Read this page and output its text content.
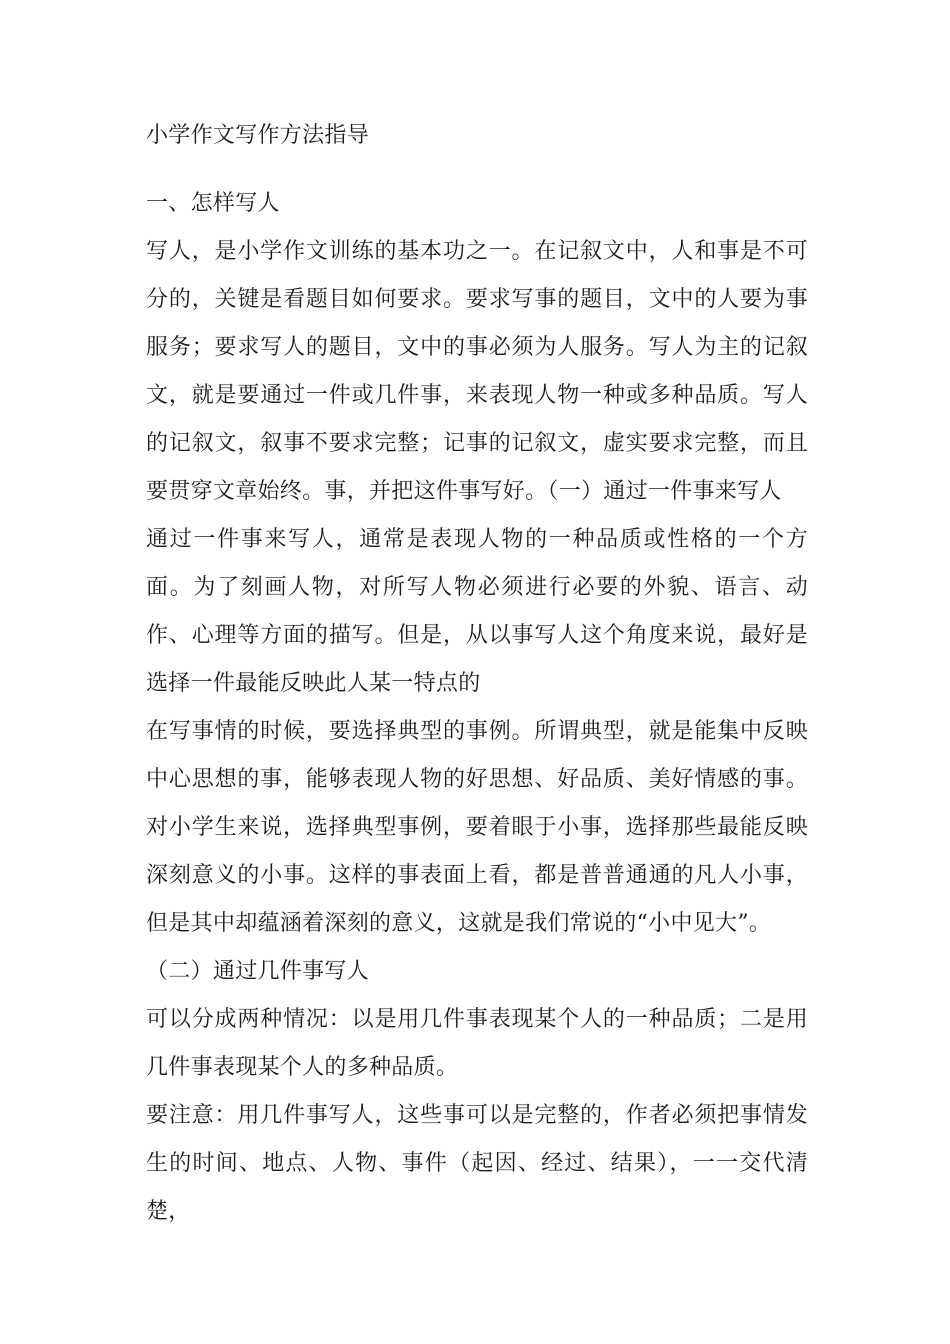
小学作文写作方法指导

一、怎样写人

写人，是小学作文训练的基本功之一。在记叙文中，人和事是不可分的，关键是看题目如何要求。要求写事的题目，文中的人要为事服务；要求写人的题目，文中的事必须为人服务。写人为主的记叙文，就是要通过一件或几件事，来表现人物一种或多种品质。写人的记叙文，叙事不要求完整；记事的记叙文，虚实要求完整，而且要贯穿文章始终。事，并把这件事写好。（一）通过一件事来写人

通过一件事来写人，通常是表现人物的一种品质或性格的一个方面。为了刻画人物，对所写人物必须进行必要的外貌、语言、动作、心理等方面的描写。但是，从以事写人这个角度来说，最好是选择一件最能反映此人某一特点的

在写事情的时候，要选择典型的事例。所谓典型，就是能集中反映中心思想的事，能够表现人物的好思想、好品质、美好情感的事。对小学生来说，选择典型事例，要着眼于小事，选择那些最能反映深刻意义的小事。这样的事表面上看，都是普普通通的凡人小事，但是其中却蕴涵着深刻的意义，这就是我们常说的“小中见大”。

（二）通过几件事写人

可以分成两种情况：以是用几件事表现某个人的一种品质；二是用几件事表现某个人的多种品质。

要注意：用几件事写人，这些事可以是完整的，作者必须把事情发生的时间、地点、人物、事件（起因、经过、结果），一一交代清楚，
